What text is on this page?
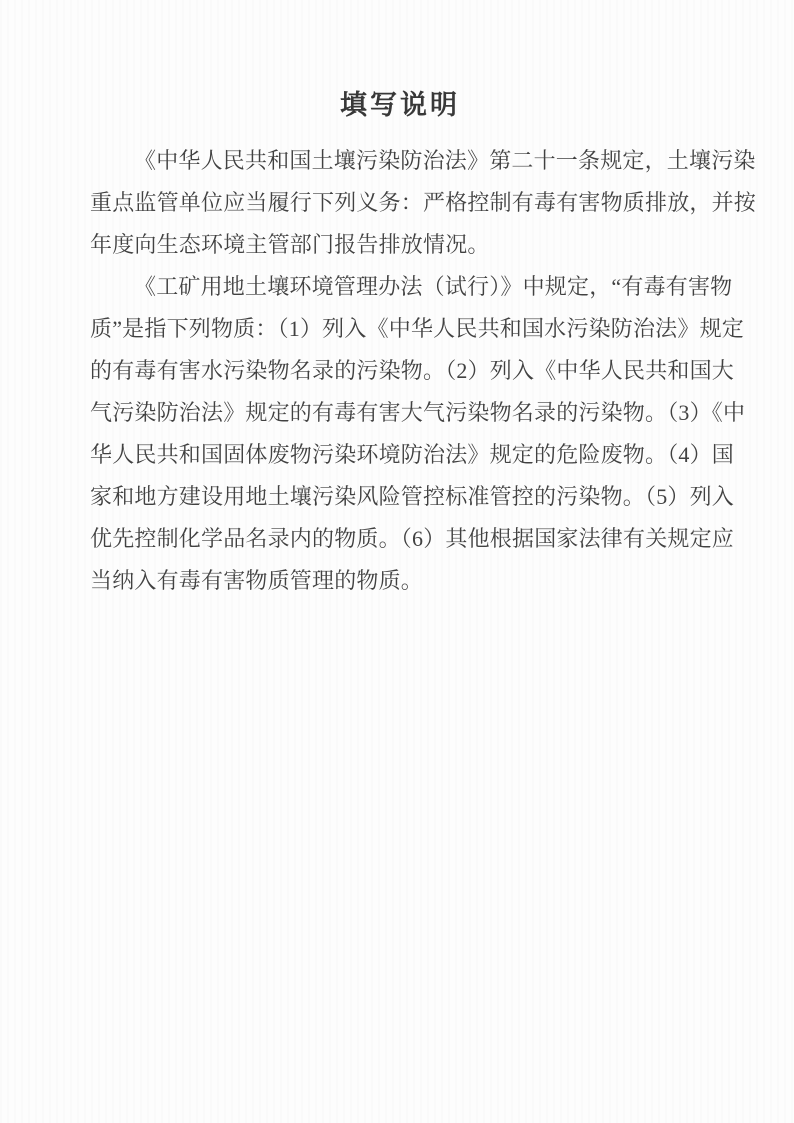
填写说明
《中华人民共和国土壤污染防治法》第二十一条规定，土壤污染
重点监管单位应当履行下列义务：严格控制有毒有害物质排放，并按
年度向生态环境主管部门报告排放情况。
《工矿用地土壤环境管理办法（试行）》中规定，“有毒有害物
质”是指下列物质：（1）列入《中华人民共和国水污染防治法》规定
的有毒有害水污染物名录的污染物。（2）列入《中华人民共和国大
气污染防治法》规定的有毒有害大气污染物名录的污染物。（3）《中
华人民共和国固体废物污染环境防治法》规定的危险废物。（4）国
家和地方建设用地土壤污染风险管控标准管控的污染物。（5）列入
优先控制化学品名录内的物质。（6）其他根据国家法律有关规定应
当纳入有毒有害物质管理的物质。
